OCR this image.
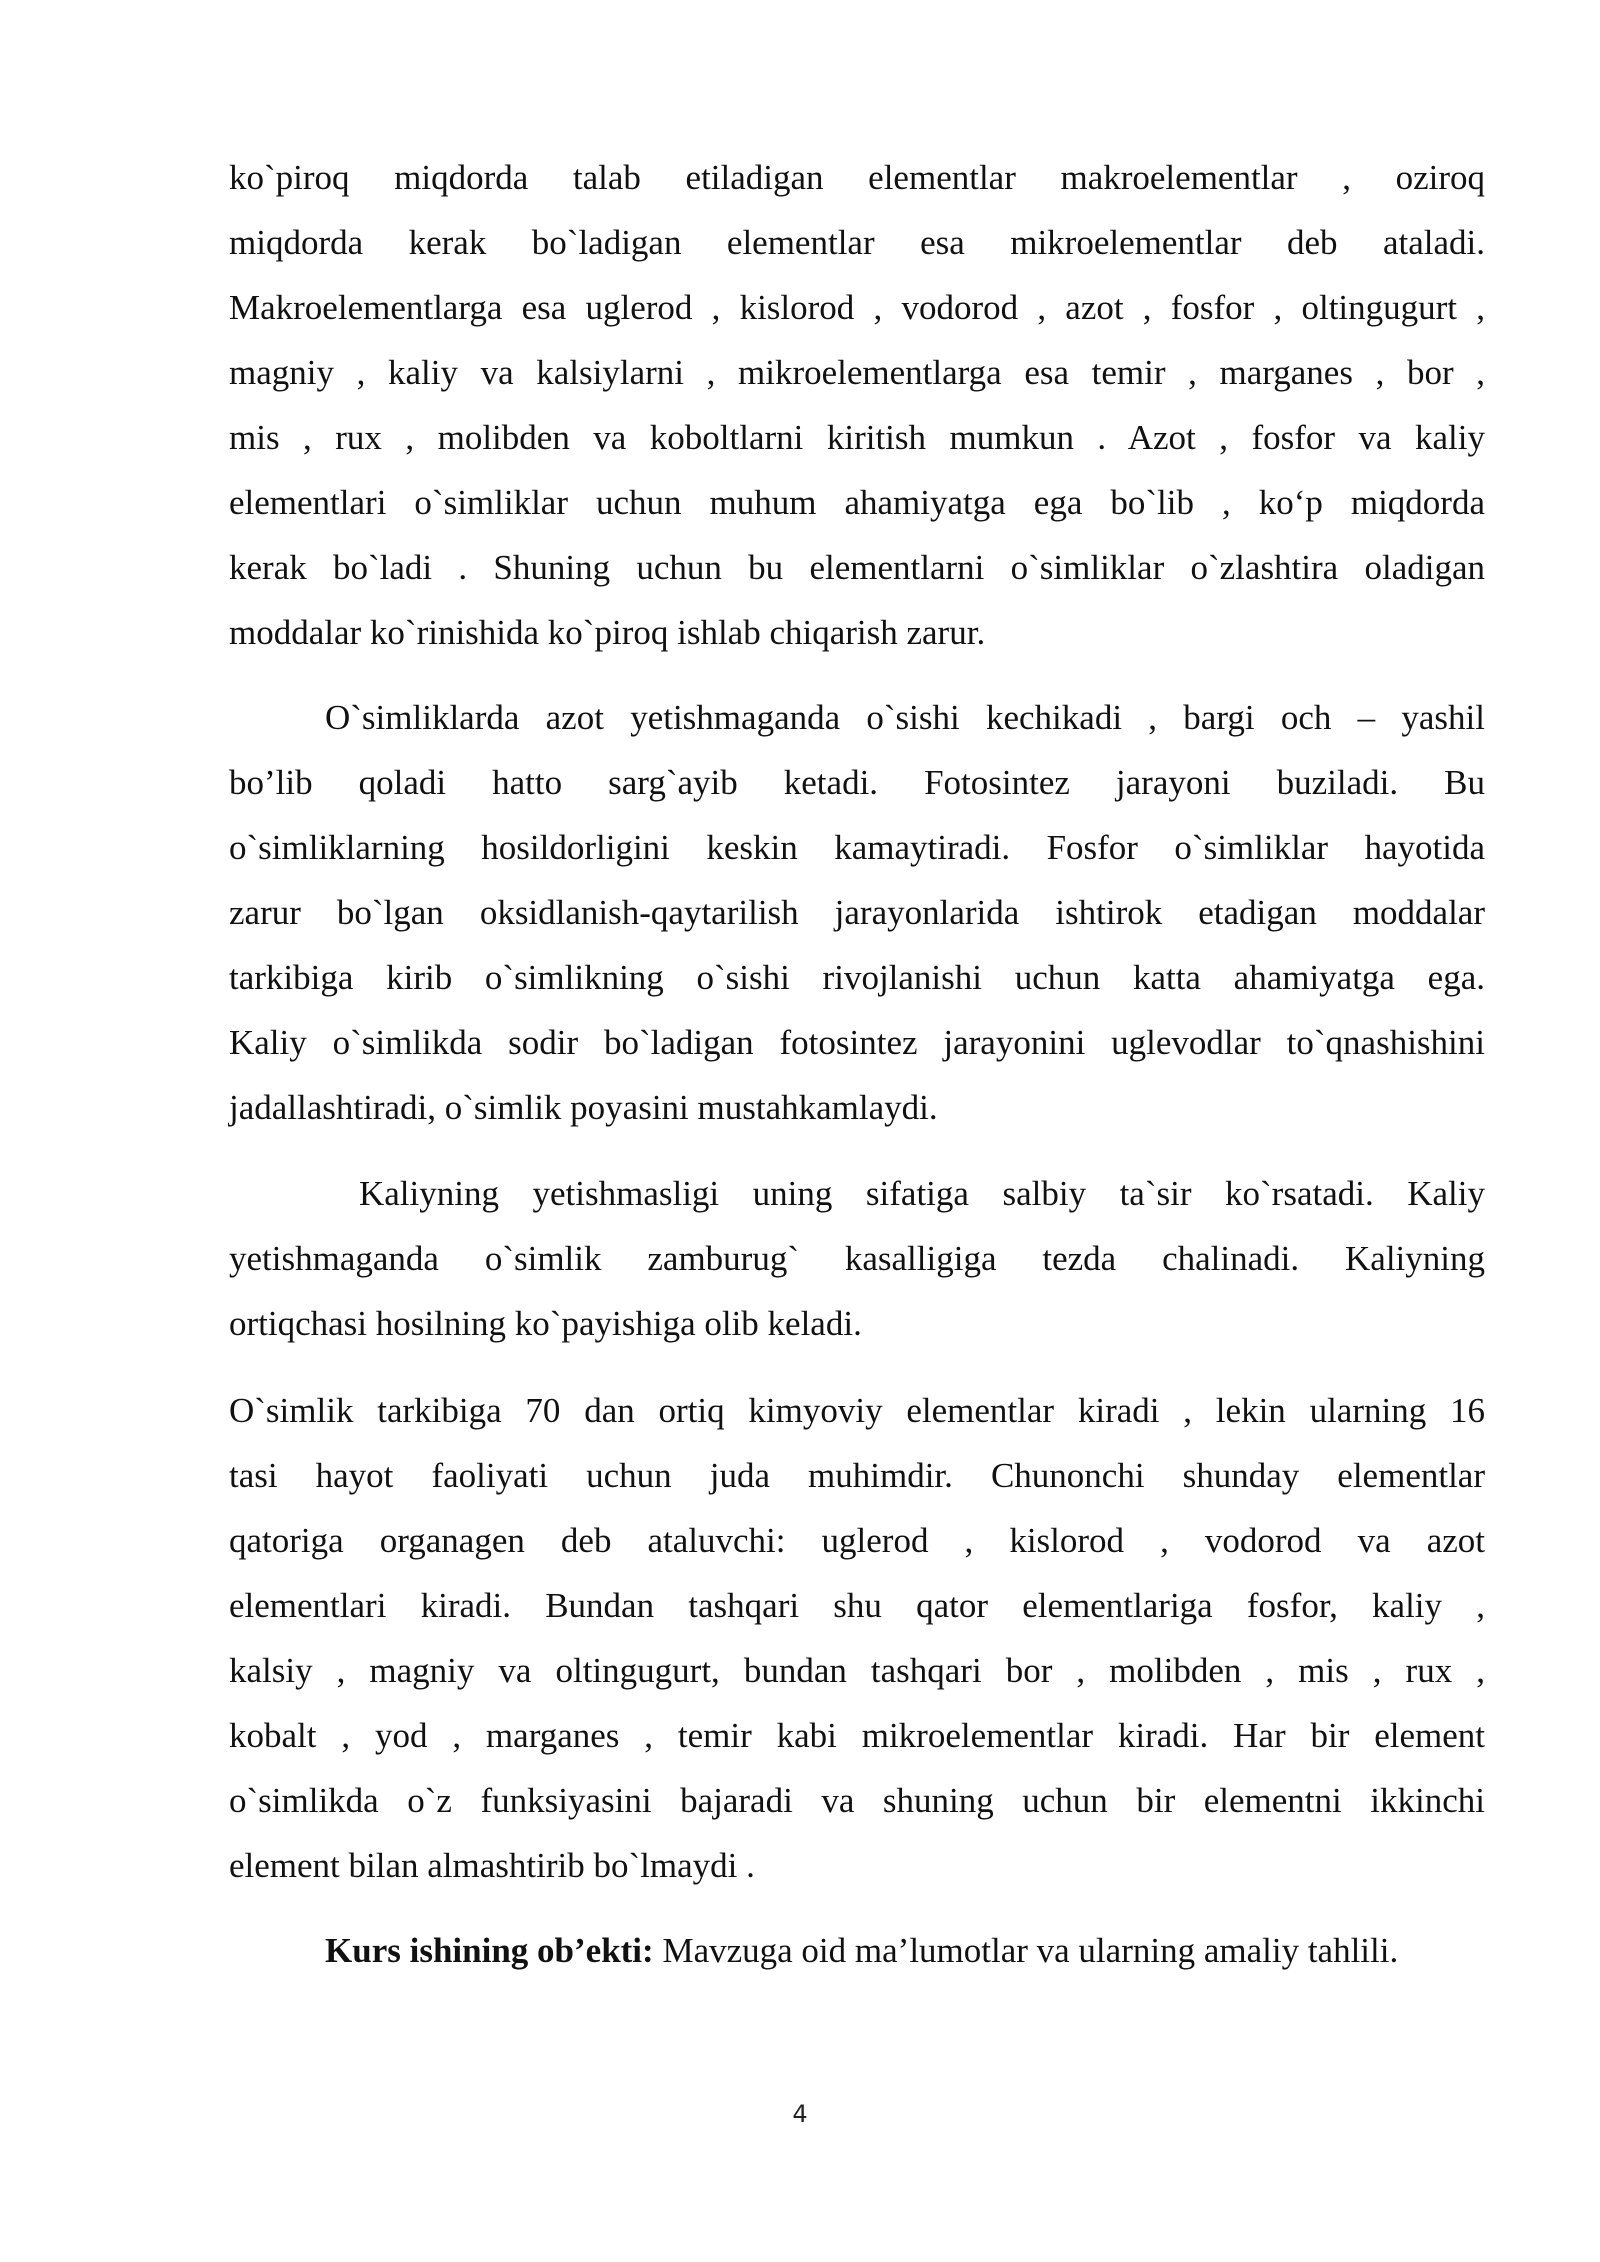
ko`piroq miqdorda talab etiladigan elementlar makroelementlar , oziroq
miqdorda kerak bo`ladigan elementlar esa mikroelementlar deb ataladi.
Makroelementlarga esa uglerod , kislorod , vodorod , azot , fosfor , oltingugurt ,
magniy , kaliy va kalsiylarni , mikroelementlarga esa temir , marganes , bor ,
mis , rux , molibden va koboltlarni kiritish mumkun . Azot , fosfor va kaliy
elementlari o`simliklar uchun muhum ahamiyatga ega bo`lib , ko‘p miqdorda
kerak bo`ladi . Shuning uchun bu elementlarni o`simliklar o`zlashtira oladigan
moddalar ko`rinishida ko`piroq ishlab chiqarish zarur.
O`simliklarda azot yetishmaganda o`sishi kechikadi , bargi och – yashil
bo’lib qoladi hatto sarg`ayib ketadi. Fotosintez jarayoni buziladi. Bu
o`simliklarning hosildorligini keskin kamaytiradi. Fosfor o`simliklar hayotida
zarur bo`lgan oksidlanish-qaytarilish jarayonlarida ishtirok etadigan moddalar
tarkibiga kirib o`simlikning o`sishi rivojlanishi uchun katta ahamiyatga ega.
Kaliy o`simlikda sodir bo`ladigan fotosintez jarayonini uglevodlar to`qnashishini
jadallashtiradi, o`simlik poyasini mustahkamlaydi.
Kaliyning yetishmasligi uning sifatiga salbiy ta`sir ko`rsatadi. Kaliy
yetishmaganda o`simlik zamburug` kasalligiga tezda chalinadi. Kaliyning
ortiqchasi hosilning ko`payishiga olib keladi.
O`simlik tarkibiga 70 dan ortiq kimyoviy elementlar kiradi , lekin ularning 16
tasi hayot faoliyati uchun juda muhimdir. Chunonchi shunday elementlar
qatoriga organagen deb ataluvchi: uglerod , kislorod , vodorod va azot
elementlari kiradi. Bundan tashqari shu qator elementlariga fosfor, kaliy ,
kalsiy , magniy va oltingugurt, bundan tashqari bor , molibden , mis , rux ,
kobalt , yod , marganes , temir kabi mikroelementlar kiradi. Har bir element
o`simlikda o`z funksiyasini bajaradi va shuning uchun bir elementni ikkinchi
element bilan almashtirib bo`lmaydi .
Kurs ishining ob’ekti: Mavzuga oid ma’lumotlar va ularning amaliy tahlili.
4
